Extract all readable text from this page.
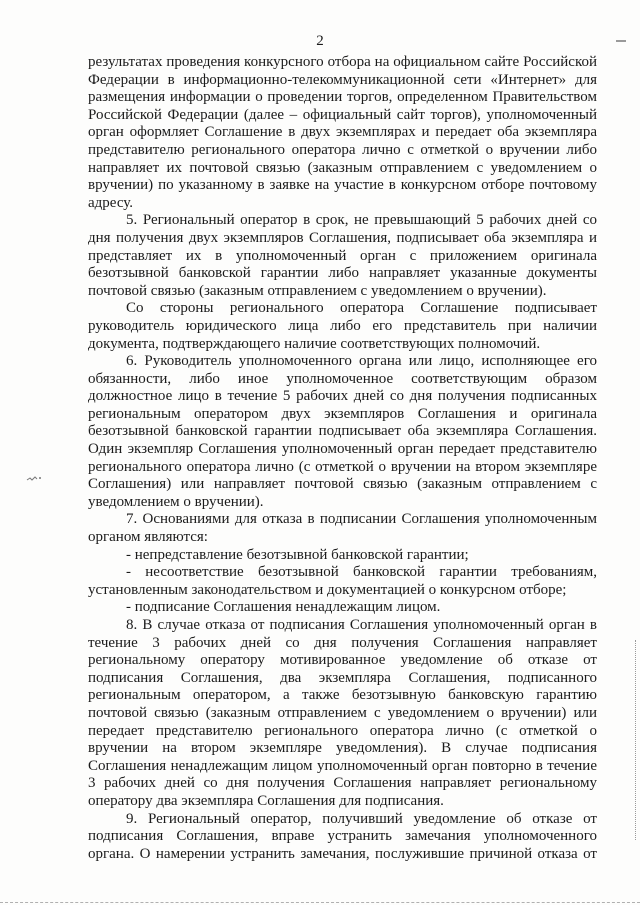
2

результатах проведения конкурсного отбора на официальном сайте Российской Федерации в информационно-телекоммуникационной сети «Интернет» для размещения информации о проведении торгов, определенном Правительством Российской Федерации (далее – официальный сайт торгов), уполномоченный орган оформляет Соглашение в двух экземплярах и передает оба экземпляра представителю регионального оператора лично с отметкой о вручении либо направляет их почтовой связью (заказным отправлением с уведомлением о вручении) по указанному в заявке на участие в конкурсном отборе почтовому адресу.

5. Региональный оператор в срок, не превышающий 5 рабочих дней со дня получения двух экземпляров Соглашения, подписывает оба экземпляра и представляет их в уполномоченный орган с приложением оригинала безотзывной банковской гарантии либо направляет указанные документы почтовой связью (заказным отправлением с уведомлением о вручении).

Со стороны регионального оператора Соглашение подписывает руководитель юридического лица либо его представитель при наличии документа, подтверждающего наличие соответствующих полномочий.

6. Руководитель уполномоченного органа или лицо, исполняющее его обязанности, либо иное уполномоченное соответствующим образом должностное лицо в течение 5 рабочих дней со дня получения подписанных региональным оператором двух экземпляров Соглашения и оригинала безотзывной банковской гарантии подписывает оба экземпляра Соглашения. Один экземпляр Соглашения уполномоченный орган передает представителю регионального оператора лично (с отметкой о вручении на втором экземпляре Соглашения) или направляет почтовой связью (заказным отправлением с уведомлением о вручении).

7. Основаниями для отказа в подписании Соглашения уполномоченным органом являются:

- непредставление безотзывной банковской гарантии;

- несоответствие безотзывной банковской гарантии требованиям, установленным законодательством и документацией о конкурсном отборе;

- подписание Соглашения ненадлежащим лицом.

8. В случае отказа от подписания Соглашения уполномоченный орган в течение 3 рабочих дней со дня получения Соглашения направляет региональному оператору мотивированное уведомление об отказе от подписания Соглашения, два экземпляра Соглашения, подписанного региональным оператором, а также безотзывную банковскую гарантию почтовой связью (заказным отправлением с уведомлением о вручении) или передает представителю регионального оператора лично (с отметкой о вручении на втором экземпляре уведомления). В случае подписания Соглашения ненадлежащим лицом уполномоченный орган повторно в течение 3 рабочих дней со дня получения Соглашения направляет региональному оператору два экземпляра Соглашения для подписания.

9. Региональный оператор, получивший уведомление об отказе от подписания Соглашения, вправе устранить замечания уполномоченного органа. О намерении устранить замечания, послужившие причиной отказа от
